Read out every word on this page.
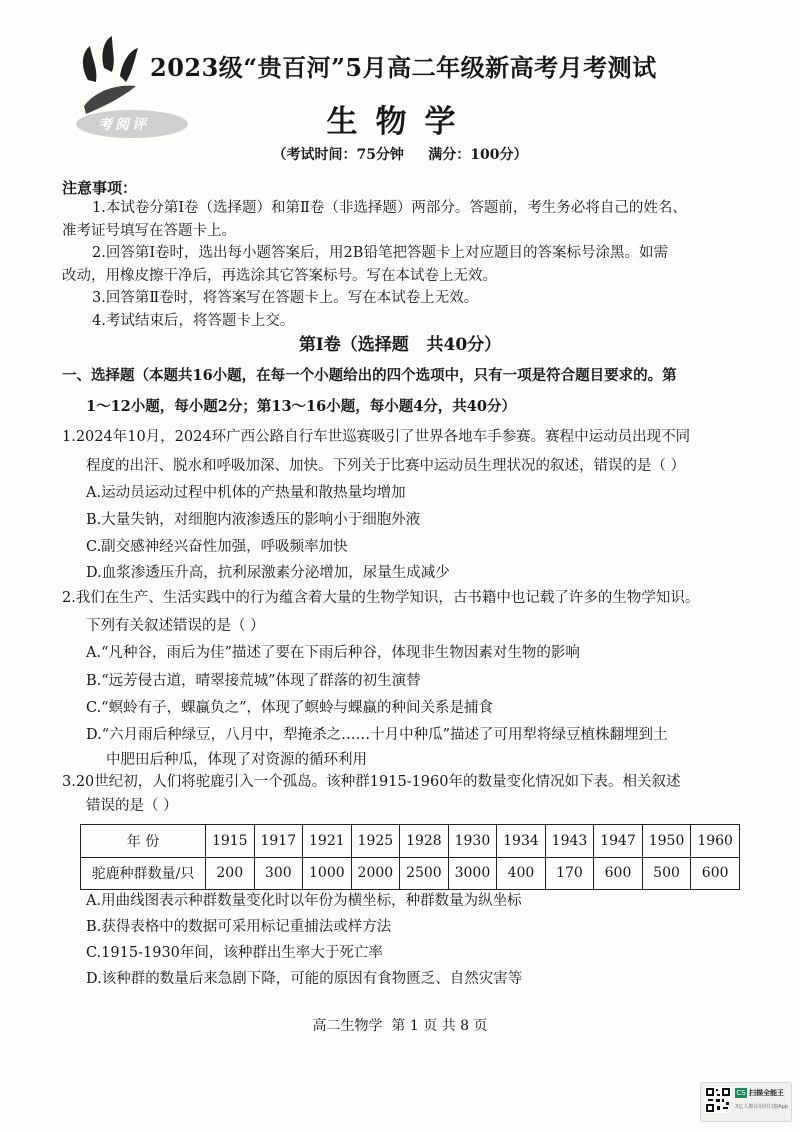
考阅评
2023级“贵百河”5月高二年级新高考月考测试
生物学
（考试时间：75分钟     满分：100分）
注意事项：
1.本试卷分第Ⅰ卷（选择题）和第Ⅱ卷（非选择题）两部分。答题前，考生务必将自己的姓名、
准考证号填写在答题卡上。
2.回答第Ⅰ卷时，选出每小题答案后，用2B铅笔把答题卡上对应题目的答案标号涂黑。如需
改动，用橡皮擦干净后，再选涂其它答案标号。写在本试卷上无效。
3.回答第Ⅱ卷时，将答案写在答题卡上。写在本试卷上无效。
4.考试结束后，将答题卡上交。
第Ⅰ卷（选择题   共40分）
一、选择题（本题共16小题，在每一个小题给出的四个选项中，只有一项是符合题目要求的。第
1～12小题，每小题2分；第13～16小题，每小题4分，共40分）
1.2024年10月，2024环广西公路自行车世巡赛吸引了世界各地车手参赛。赛程中运动员出现不同
程度的出汗、脱水和呼吸加深、加快。下列关于比赛中运动员生理状况的叙述，错误的是（ ）
A.运动员运动过程中机体的产热量和散热量均增加
B.大量失钠，对细胞内液渗透压的影响小于细胞外液
C.副交感神经兴奋性加强，呼吸频率加快
D.血浆渗透压升高，抗利尿激素分泌增加，尿量生成减少
2.我们在生产、生活实践中的行为蕴含着大量的生物学知识，古书籍中也记载了许多的生物学知识。
下列有关叙述错误的是（ ）
A.“凡种谷，雨后为佳”描述了要在下雨后种谷，体现非生物因素对生物的影响
B.“远芳侵古道，晴翠接荒城”体现了群落的初生演替
C.“螟蛉有子，蜾蠃负之”，体现了螟蛉与蜾蠃的种间关系是捕食
D.“六月雨后种绿豆，八月中，犁掩杀之……十月中种瓜”描述了可用犁将绿豆植株翻埋到土
中肥田后种瓜，体现了对资源的循环利用
3.20世纪初，人们将驼鹿引入一个孤岛。该种群1915-1960年的数量变化情况如下表。相关叙述
错误的是（ ）
年 份	1915	1917	1921	1925	1928	1930	1934	1943	1947	1950	1960
驼鹿种群数量/只	200	300	1000	2000	2500	3000	400	170	600	500	600
A.用曲线图表示种群数量变化时以年份为横坐标，种群数量为纵坐标
B.获得表格中的数据可采用标记重捕法或样方法
C.1915-1930年间，该种群出生率大于死亡率
D.该种群的数量后来急剧下降，可能的原因有食物匮乏、自然灾害等
高二生物学  第 1 页 共 8 页
CS 扫描全能王
3亿人都在用的扫描App
